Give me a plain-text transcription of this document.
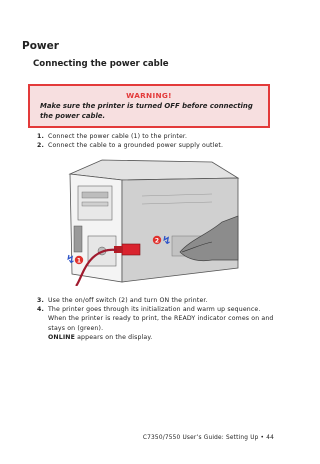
Power
Connecting the power cable
WARNING!
Make sure the printer is turned OFF before connecting the power cable.
1. Connect the power cable (1) to the printer.
2. Connect the cable to a grounded power supply outlet.
↯ 1
2 ↯
3. Use the on/off switch (2) and turn ON the printer.
4. The printer goes through its initialization and warm up sequence.
When the printer is ready to print, the READY indicator comes on and stays on (green).
ONLINE appears on the display.
C7350/7550 User’s Guide: Setting Up • 44
